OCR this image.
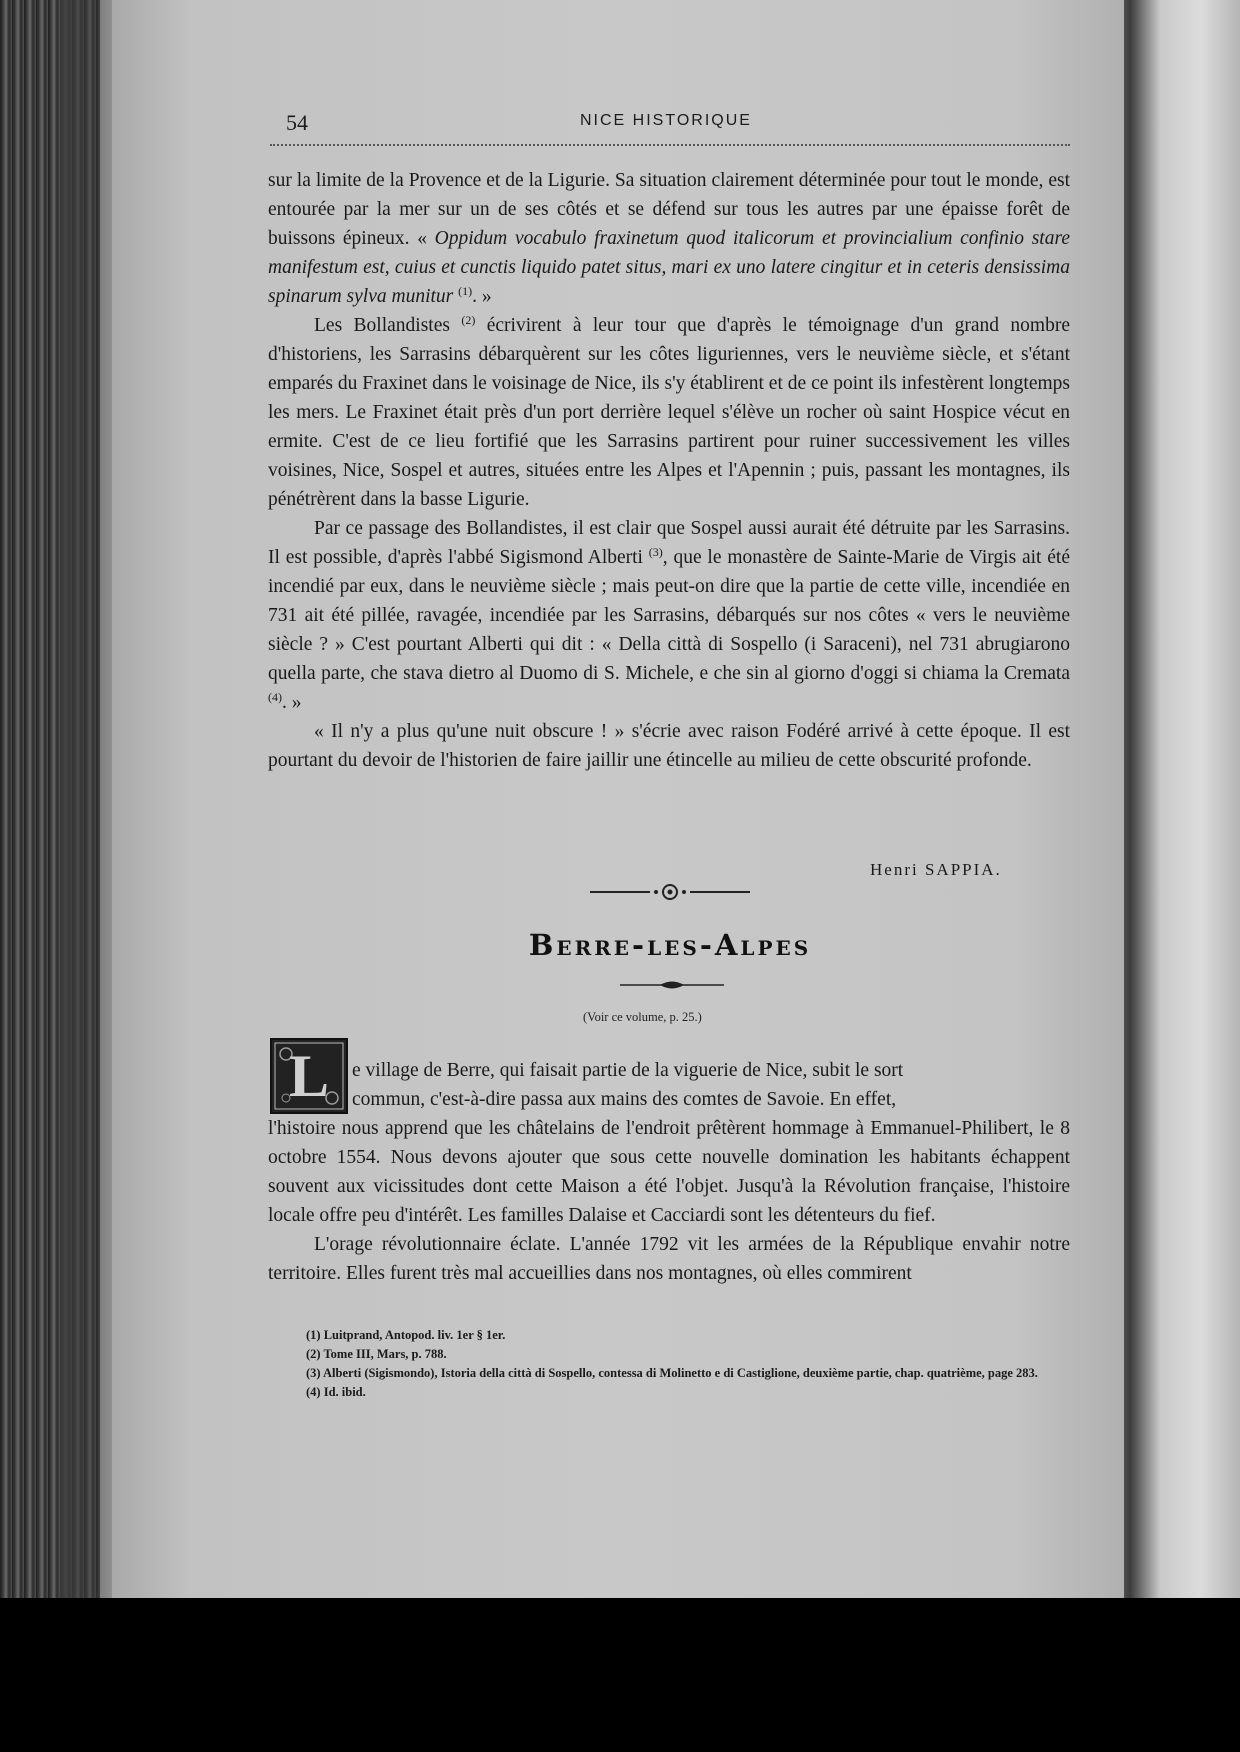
54	NICE HISTORIQUE

sur la limite de la Provence et de la Ligurie. Sa situation clairement déterminée pour tout le monde, est entourée par la mer sur un de ses côtés et se défend sur tous les autres par une épaisse forêt de buissons épineux. « Oppidum vocabulo fraxinetum quod italicorum et provincialium confinio stare manifestum est, cuius et cunctis liquido patet situs, mari ex uno latere cingitur et in ceteris densissima spinarum sylva munitur $^{(1)}$. »

Les Bollandistes $^{(2)}$ écrivirent à leur tour que d'après le témoignage d'un grand nombre d'historiens, les Sarrasins débarquèrent sur les côtes liguriennes, vers le neuvième siècle, et s'étant emparés du Fraxinet dans le voisinage de Nice, ils s'y établirent et de ce point ils infestèrent longtemps les mers. Le Fraxinet était près d'un port derrière lequel s'élève un rocher où saint Hospice vécut en ermite. C'est de ce lieu fortifié que les Sarrasins partirent pour ruiner successivement les villes voisines, Nice, Sospel et autres, situées entre les Alpes et l'Apennin ; puis, passant les montagnes, ils pénétrèrent dans la basse Ligurie.

Par ce passage des Bollandistes, il est clair que Sospel aussi aurait été détruite par les Sarrasins. Il est possible, d'après l'abbé Sigismond Alberti $^{(3)}$, que le monastère de Sainte-Marie de Virgis ait été incendié par eux, dans le neuvième siècle ; mais peut-on dire que la partie de cette ville, incendiée en 731 ait été pillée, ravagée, incendiée par les Sarrasins, débarqués sur nos côtes « vers le neuvième siècle ? » C'est pourtant Alberti qui dit : « Della città di Sospello (i Saraceni), nel 731 abrugiarono quella parte, che stava dietro al Duomo di S. Michele, e che sin al giorno d'oggi si chiama la Cremata $^{(4)}$. »

« Il n'y a plus qu'une nuit obscure ! » s'écrie avec raison Fodéré arrivé à cette époque. Il est pourtant du devoir de l'historien de faire jaillir une étincelle au milieu de cette obscurité profonde.

Henri SAPPIA.
Berre-les-Alpes
(Voir ce volume, p. 25.)
L	e village de Berre, qui faisait partie de la viguerie de Nice, subit le sort

commun, c'est-à-dire passa aux mains des comtes de Savoie. En effet,

l'histoire nous apprend que les châtelains de l'endroit prêtèrent hommage à Emmanuel-Philibert, le 8 octobre 1554. Nous devons ajouter que sous cette nouvelle domination les habitants échappent souvent aux vicissitudes dont cette Maison a été l'objet. Jusqu'à la Révolution française, l'histoire locale offre peu d'intérêt. Les familles Dalaise et Cacciardi sont les détenteurs du fief.

L'orage révolutionnaire éclate. L'année 1792 vit les armées de la République envahir notre territoire. Elles furent très mal accueillies dans nos montagnes, où elles commirent

(1) Luitprand, Antopod. liv. 1er § 1er.

(2) Tome III, Mars, p. 788.

(3) Alberti (Sigismondo), Istoria della città di Sospello, contessa di Molinetto e di Castiglione, deuxième partie, chap. quatrième, page 283.

(4) Id. ibid.
